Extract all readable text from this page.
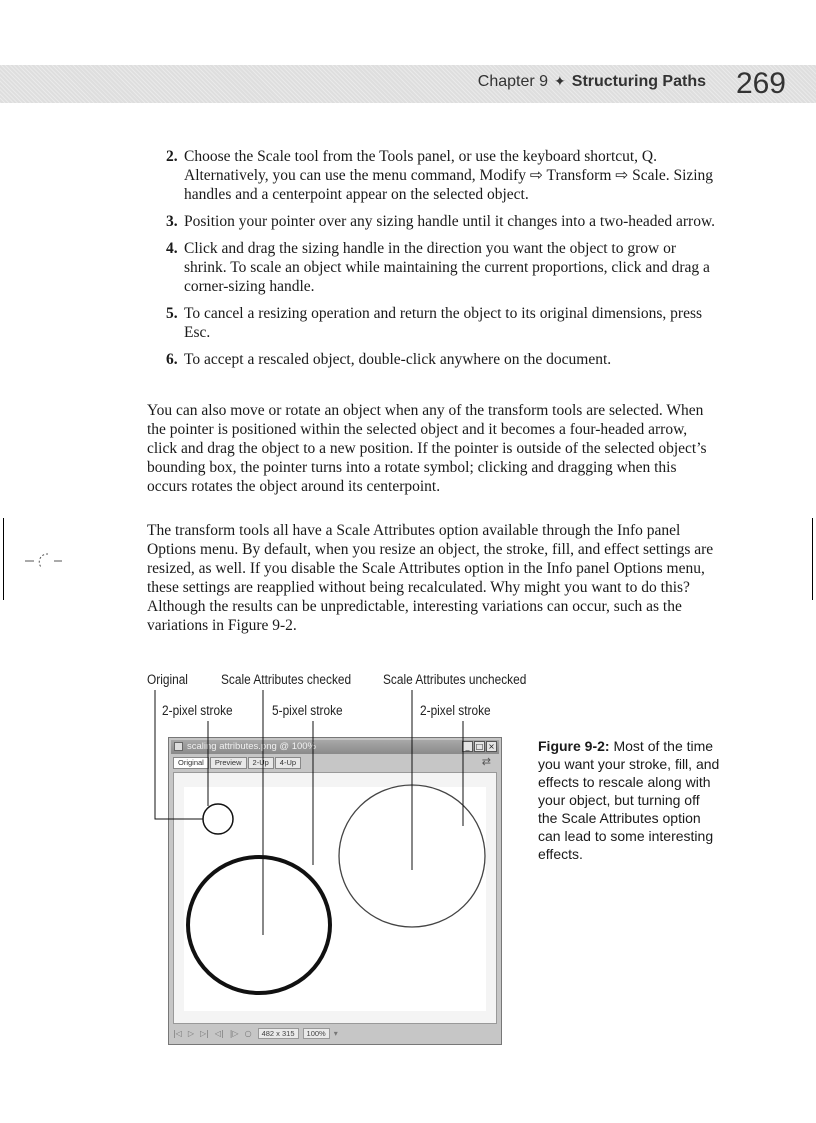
Chapter 9 ✦ Structuring Paths 269
2. Choose the Scale tool from the Tools panel, or use the keyboard shortcut, Q. Alternatively, you can use the menu command, Modify ⇨ Transform ⇨ Scale. Sizing handles and a centerpoint appear on the selected object.
3. Position your pointer over any sizing handle until it changes into a two-headed arrow.
4. Click and drag the sizing handle in the direction you want the object to grow or shrink. To scale an object while maintaining the current proportions, click and drag a corner-sizing handle.
5. To cancel a resizing operation and return the object to its original dimensions, press Esc.
6. To accept a rescaled object, double-click anywhere on the document.

You can also move or rotate an object when any of the transform tools are selected. When the pointer is positioned within the selected object and it becomes a four-headed arrow, click and drag the object to a new position. If the pointer is outside of the selected object’s bounding box, the pointer turns into a rotate symbol; clicking and dragging when this occurs rotates the object around its centerpoint.

The transform tools all have a Scale Attributes option available through the Info panel Options menu. By default, when you resize an object, the stroke, fill, and effect settings are resized, as well. If you disable the Scale Attributes option in the Info panel Options menu, these settings are reapplied without being recalculated. Why might you want to do this? Although the results can be unpredictable, interesting variations can occur, such as the variations in Figure 9-2.

Original Scale Attributes checked Scale Attributes unchecked
2-pixel stroke	5-pixel stroke	2-pixel stroke
scaling attributes.png @ 100%	_ □ ×
Original Preview 2-Up 4-Up	⇄
|◁ ▷ ▷| ◁| |▷ ○ 482 x 315 100% ▾
Figure 9-2: Most of the time you want your stroke, fill, and effects to rescale along with your object, but turning off the Scale Attributes option can lead to some interesting effects.
